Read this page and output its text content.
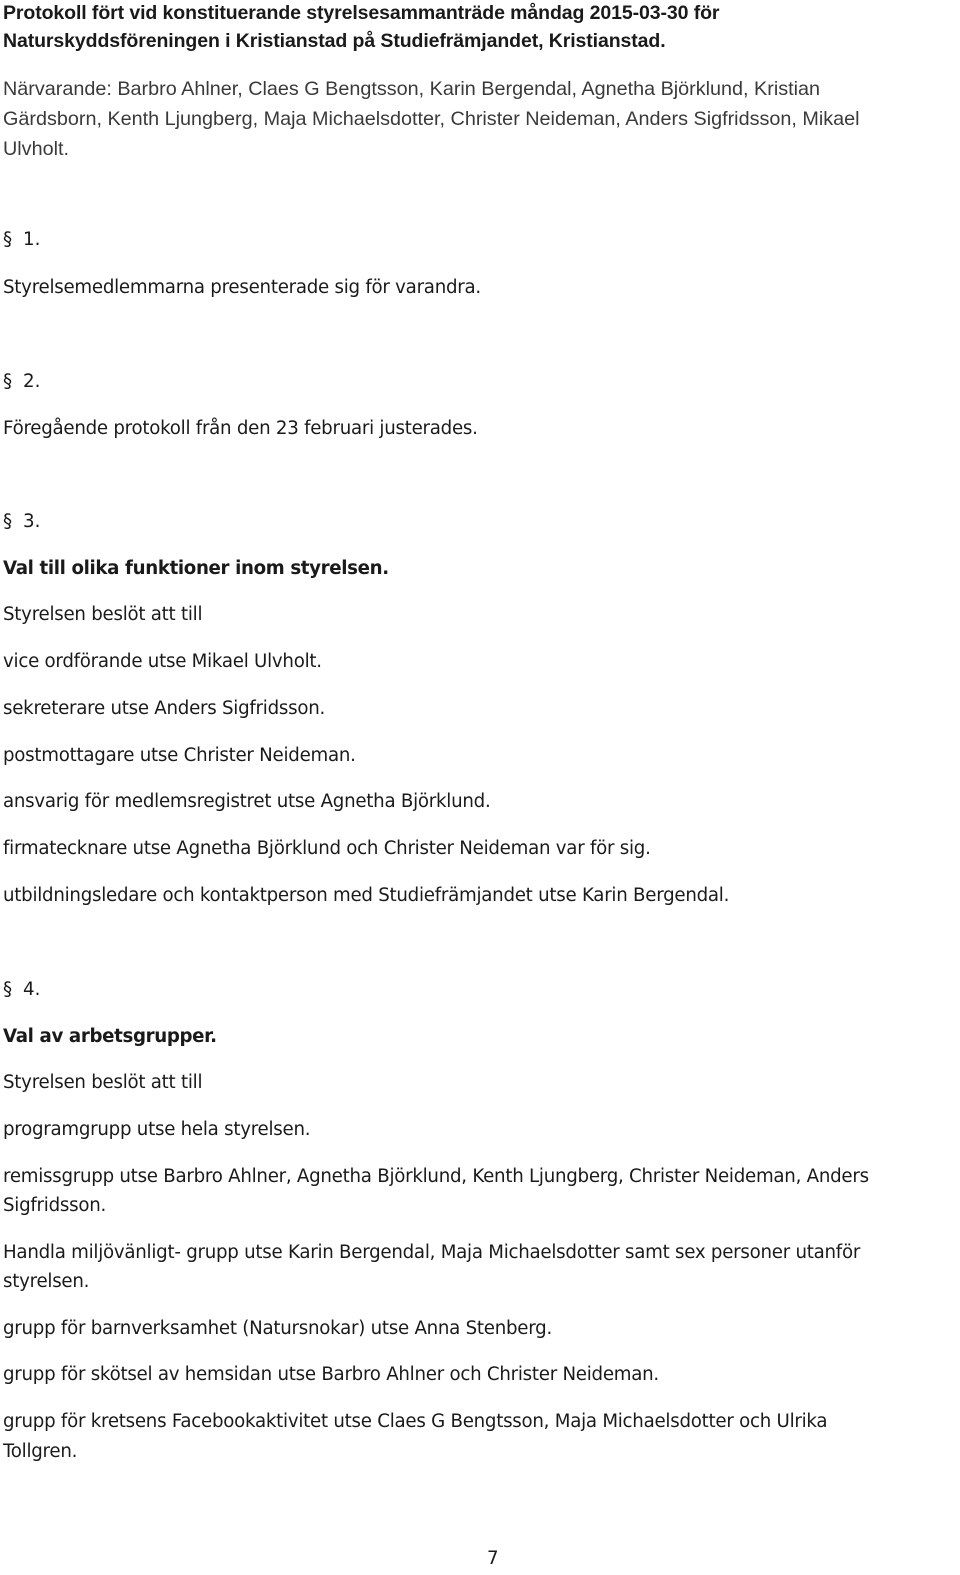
Protokoll fört vid konstituerande styrelsesammanträde måndag 2015-03-30 för
Naturskyddsföreningen i Kristianstad på Studiefrämjandet, Kristianstad.
Närvarande: Barbro Ahlner, Claes G Bengtsson, Karin Bergendal, Agnetha Björklund, Kristian
Gärdsborn, Kenth Ljungberg, Maja Michaelsdotter, Christer Neideman, Anders Sigfridsson, Mikael
Ulvholt.
§ 1.
Styrelsemedlemmarna presenterade sig för varandra.
§ 2.
Föregående protokoll från den 23 februari justerades.
§ 3.
Val till olika funktioner inom styrelsen.
Styrelsen beslöt att till
vice ordförande utse Mikael Ulvholt.
sekreterare utse Anders Sigfridsson.
postmottagare utse Christer Neideman.
ansvarig för medlemsregistret utse Agnetha Björklund.
firmatecknare utse Agnetha Björklund och Christer Neideman var för sig.
utbildningsledare och kontaktperson med Studiefrämjandet utse Karin Bergendal.
§ 4.
Val av arbetsgrupper.
Styrelsen beslöt att till
programgrupp utse hela styrelsen.
remissgrupp utse Barbro Ahlner, Agnetha Björklund, Kenth Ljungberg, Christer Neideman, Anders
Sigfridsson.
Handla miljövänligt- grupp utse Karin Bergendal, Maja Michaelsdotter samt sex personer utanför
styrelsen.
grupp för barnverksamhet (Natursnokar) utse Anna Stenberg.
grupp för skötsel av hemsidan utse Barbro Ahlner och Christer Neideman.
grupp för kretsens Facebookaktivitet utse Claes G Bengtsson, Maja Michaelsdotter och Ulrika
Tollgren.
7
